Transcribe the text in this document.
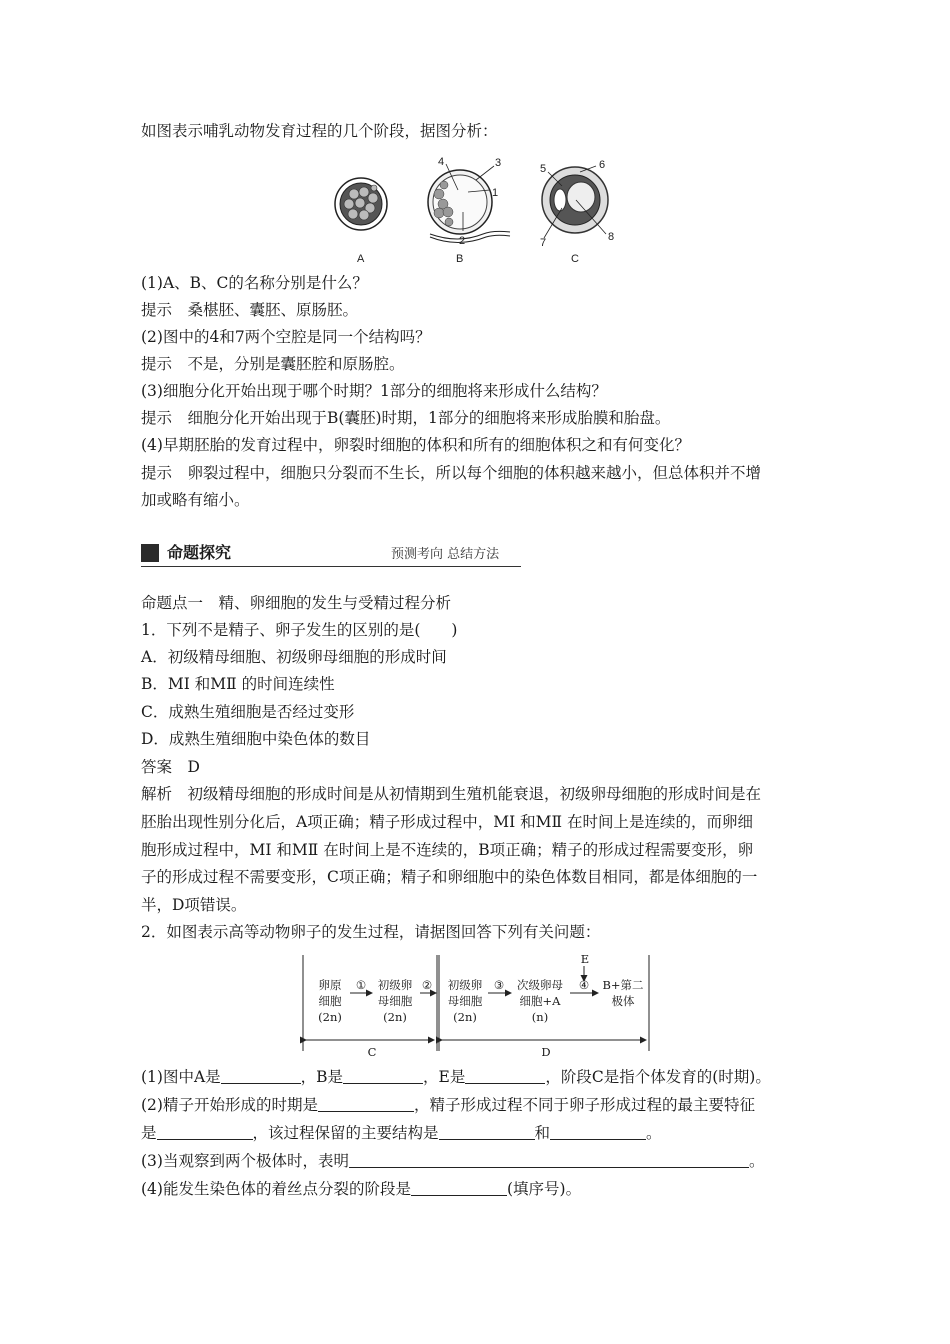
如图表示哺乳动物发育过程的几个阶段，据图分析：
1
2
3
4
5	6
7	8
A	B	C
(1)A、B、C的名称分别是什么？
提示　桑椹胚、囊胚、原肠胚。
(2)图中的4和7两个空腔是同一个结构吗？
提示　不是，分别是囊胚腔和原肠腔。
(3)细胞分化开始出现于哪个时期？1部分的细胞将来形成什么结构？
提示　细胞分化开始出现于B(囊胚)时期，1部分的细胞将来形成胎膜和胎盘。
(4)早期胚胎的发育过程中，卵裂时细胞的体积和所有的细胞体积之和有何变化？
提示　卵裂过程中，细胞只分裂而不生长，所以每个细胞的体积越来越小，但总体积并不增
加或略有缩小。
命题探究	预测考向 总结方法
命题点一　精、卵细胞的发生与受精过程分析
1．下列不是精子、卵子发生的区别的是(　　)
A．初级精母细胞、初级卵母细胞的形成时间
B．MⅠ 和MⅡ 的时间连续性
C．成熟生殖细胞是否经过变形
D．成熟生殖细胞中染色体的数目
答案　D
解析　初级精母细胞的形成时间是从初情期到生殖机能衰退，初级卵母细胞的形成时间是在
胚胎出现性别分化后，A项正确；精子形成过程中，MⅠ 和MⅡ 在时间上是连续的，而卵细
胞形成过程中，MⅠ 和MⅡ 在时间上是不连续的，B项正确；精子的形成过程需要变形，卵
子的形成过程不需要变形，C项正确；精子和卵细胞中的染色体数目相同，都是体细胞的一
半，D项错误。
2．如图表示高等动物卵子的发生过程，请据图回答下列有关问题：
卵原
细胞
(2n)
①	初级卵
母细胞
(2n)
②	初级卵
母细胞
(2n)
③	次级卵母
细胞+A
(n)
④
E
B+第二
极体
C	D
(1)图中A是	，B是	，E是	，阶段C是指个体发育的(时期)。
(2)精子开始形成的时期是	，精子形成过程不同于卵子形成过程的最主要特征
是	，该过程保留的主要结构是	和	。
(3)当观察到两个极体时，表明	。
(4)能发生染色体的着丝点分裂的阶段是	(填序号)。
